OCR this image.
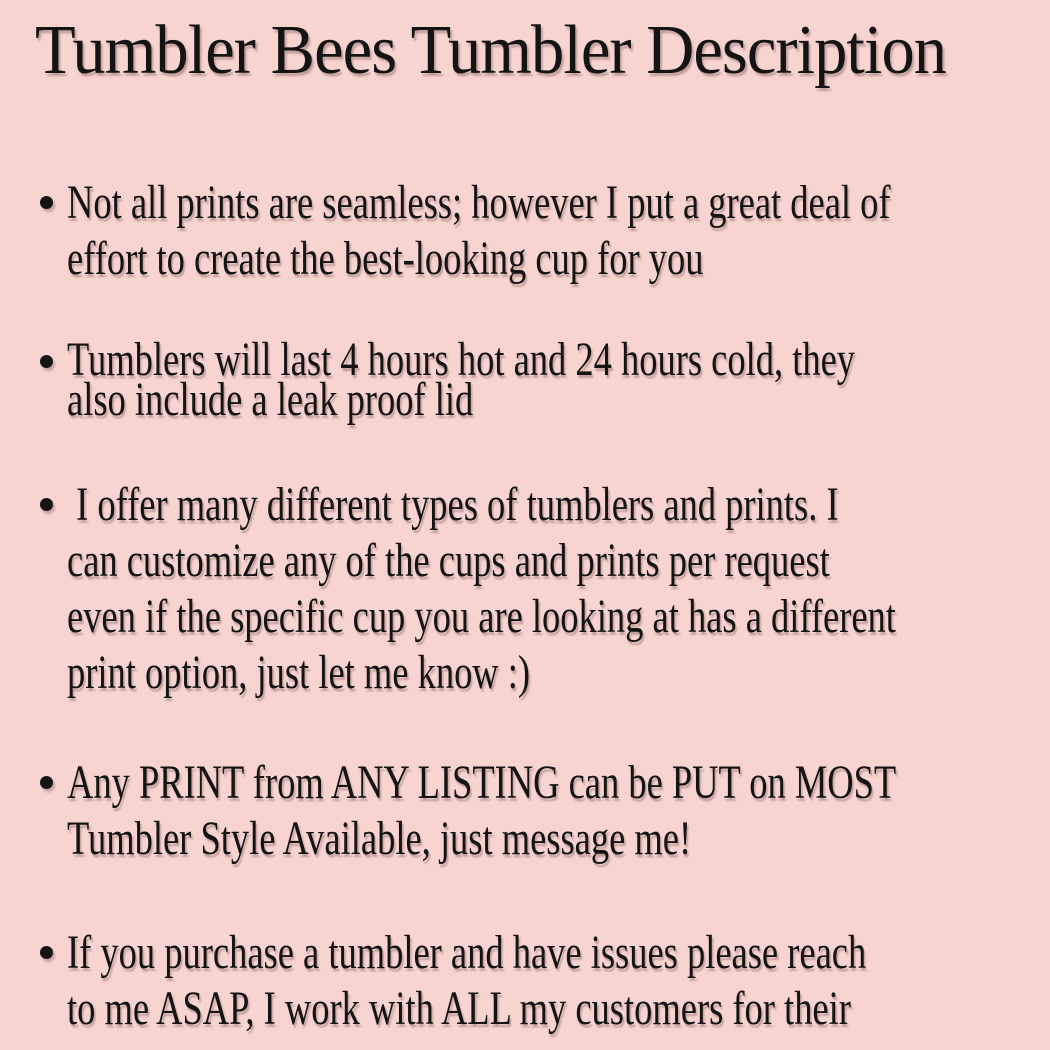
Tumbler Bees Tumbler Description
Not all prints are seamless; however I put a great deal of
effort to create the best-looking cup for you
Tumblers will last 4 hours hot and 24 hours cold, they
also include a leak proof lid
I offer many different types of tumblers and prints. I
can customize any of the cups and prints per request
even if the specific cup you are looking at has a different
print option, just let me know :)
Any PRINT from ANY LISTING can be PUT on MOST
Tumbler Style Available, just message me!
If you purchase a tumbler and have issues please reach
to me ASAP, I work with ALL my customers for their
